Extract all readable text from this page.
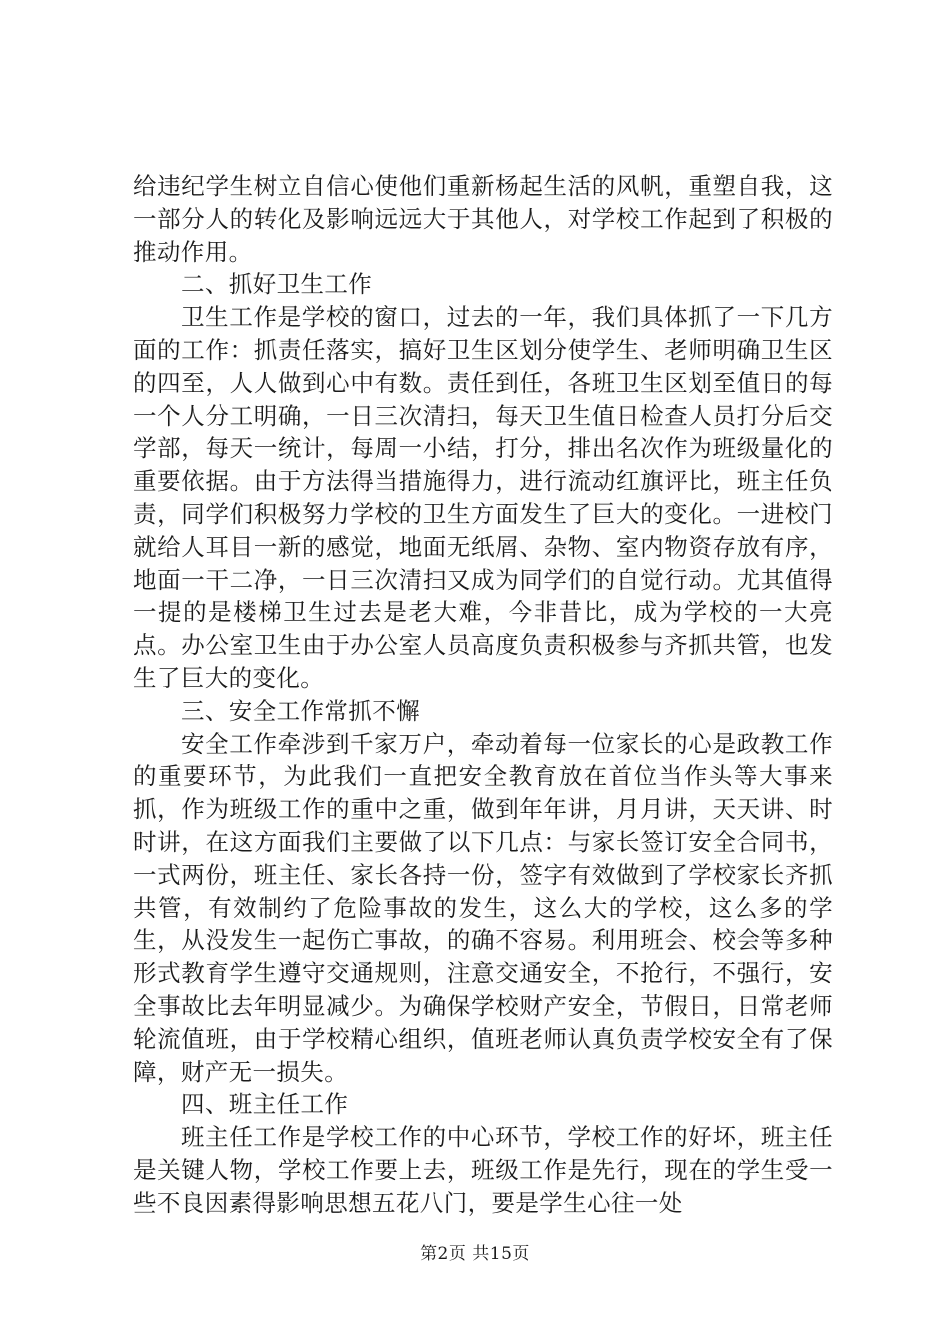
给违纪学生树立自信心使他们重新杨起生活的风帆，重塑自我，这一部分人的转化及影响远远大于其他人，对学校工作起到了积极的推动作用。

二、抓好卫生工作

卫生工作是学校的窗口，过去的一年，我们具体抓了一下几方面的工作：抓责任落实，搞好卫生区划分使学生、老师明确卫生区的四至，人人做到心中有数。责任到任，各班卫生区划至值日的每一个人分工明确，一日三次清扫，每天卫生值日检查人员打分后交学部，每天一统计，每周一小结，打分，排出名次作为班级量化的重要依据。由于方法得当措施得力，进行流动红旗评比，班主任负责，同学们积极努力学校的卫生方面发生了巨大的变化。一进校门就给人耳目一新的感觉，地面无纸屑、杂物、室内物资存放有序，地面一干二净，一日三次清扫又成为同学们的自觉行动。尤其值得一提的是楼梯卫生过去是老大难，今非昔比，成为学校的一大亮点。办公室卫生由于办公室人员高度负责积极参与齐抓共管，也发生了巨大的变化。

三、安全工作常抓不懈

安全工作牵涉到千家万户，牵动着每一位家长的心是政教工作的重要环节，为此我们一直把安全教育放在首位当作头等大事来抓，作为班级工作的重中之重，做到年年讲，月月讲，天天讲、时时讲，在这方面我们主要做了以下几点：与家长签订安全合同书，一式两份，班主任、家长各持一份，签字有效做到了学校家长齐抓共管，有效制约了危险事故的发生，这么大的学校，这么多的学生，从没发生一起伤亡事故，的确不容易。利用班会、校会等多种形式教育学生遵守交通规则，注意交通安全，不抢行，不强行，安全事故比去年明显减少。为确保学校财产安全，节假日，日常老师轮流值班，由于学校精心组织，值班老师认真负责学校安全有了保障，财产无一损失。

四、班主任工作

班主任工作是学校工作的中心环节，学校工作的好坏，班主任是关键人物，学校工作要上去，班级工作是先行，现在的学生受一些不良因素得影响思想五花八门，要是学生心往一处

第2页 共15页
